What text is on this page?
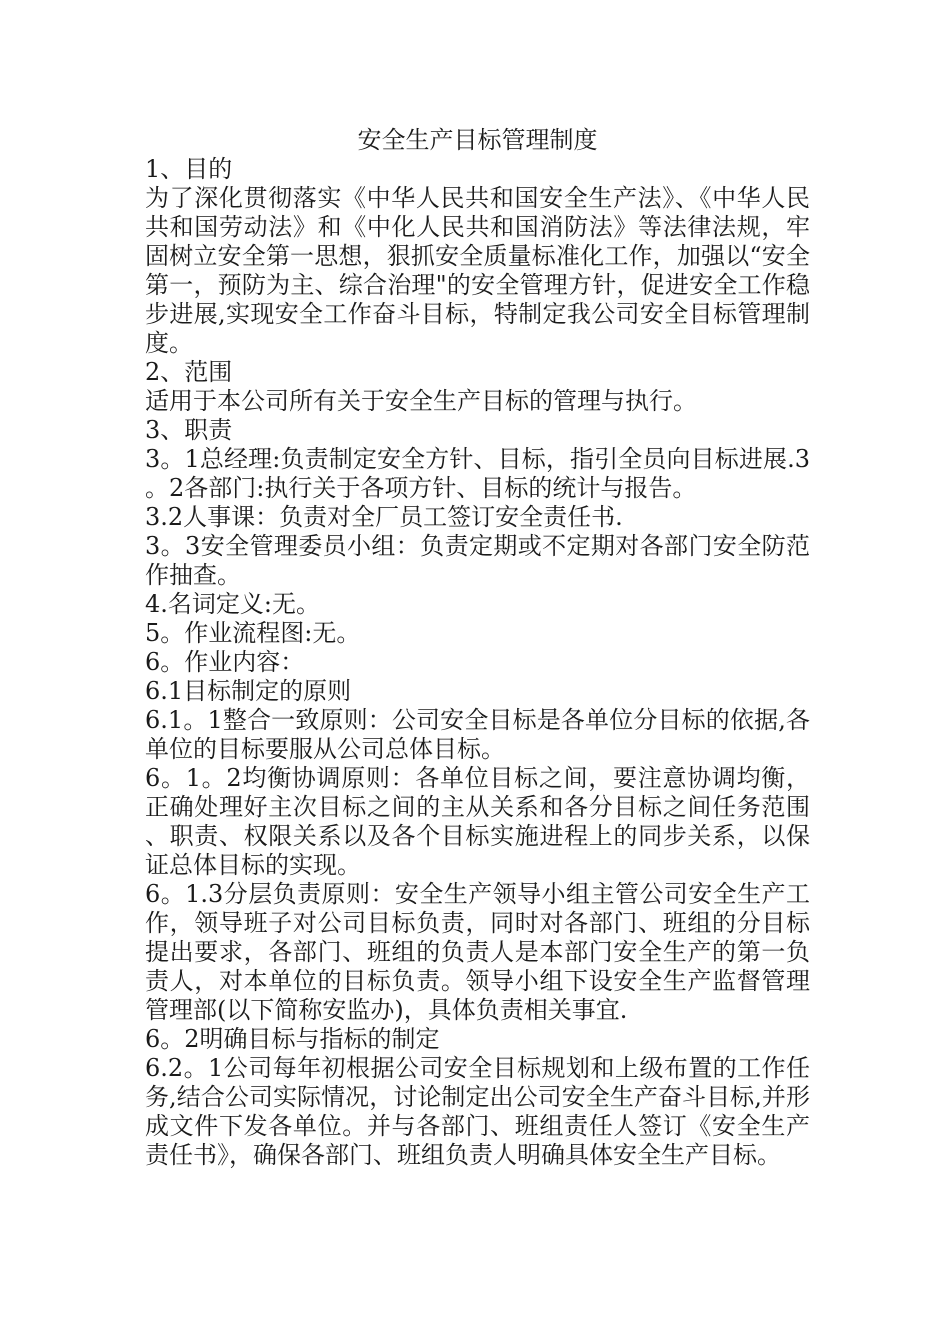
安全生产目标管理制度

1、目的

为了深化贯彻落实《中华人民共和国安全生产法》、《中华人民共和国劳动法》和《中化人民共和国消防法》等法律法规，牢固树立安全第一思想，狠抓安全质量标准化工作，加强以“安全第一，预防为主、综合治理"的安全管理方针，促进安全工作稳步进展,实现安全工作奋斗目标，特制定我公司安全目标管理制度。

2、范围

适用于本公司所有关于安全生产目标的管理与执行。

3、职责

3。1总经理:负责制定安全方针、目标，指引全员向目标进展.3。2各部门:执行关于各项方针、目标的统计与报告。

3.2人事课：负责对全厂员工签订安全责任书.

3。3安全管理委员小组：负责定期或不定期对各部门安全防范作抽查。

4.名词定义:无。

5。作业流程图:无。

6。作业内容：

6.1目标制定的原则

6.1。1整合一致原则：公司安全目标是各单位分目标的依据,各单位的目标要服从公司总体目标。

6。1。2均衡协调原则：各单位目标之间，要注意协调均衡，正确处理好主次目标之间的主从关系和各分目标之间任务范围、职责、权限关系以及各个目标实施进程上的同步关系，以保证总体目标的实现。

6。1.3分层负责原则：安全生产领导小组主管公司安全生产工作，领导班子对公司目标负责，同时对各部门、班组的分目标提出要求，各部门、班组的负责人是本部门安全生产的第一负责人，对本单位的目标负责。领导小组下设安全生产监督管理管理部(以下简称安监办)，具体负责相关事宜.

6。2明确目标与指标的制定

6.2。1公司每年初根据公司安全目标规划和上级布置的工作任务,结合公司实际情况，讨论制定出公司安全生产奋斗目标,并形成文件下发各单位。并与各部门、班组责任人签订《安全生产责任书》，确保各部门、班组负责人明确具体安全生产目标。
